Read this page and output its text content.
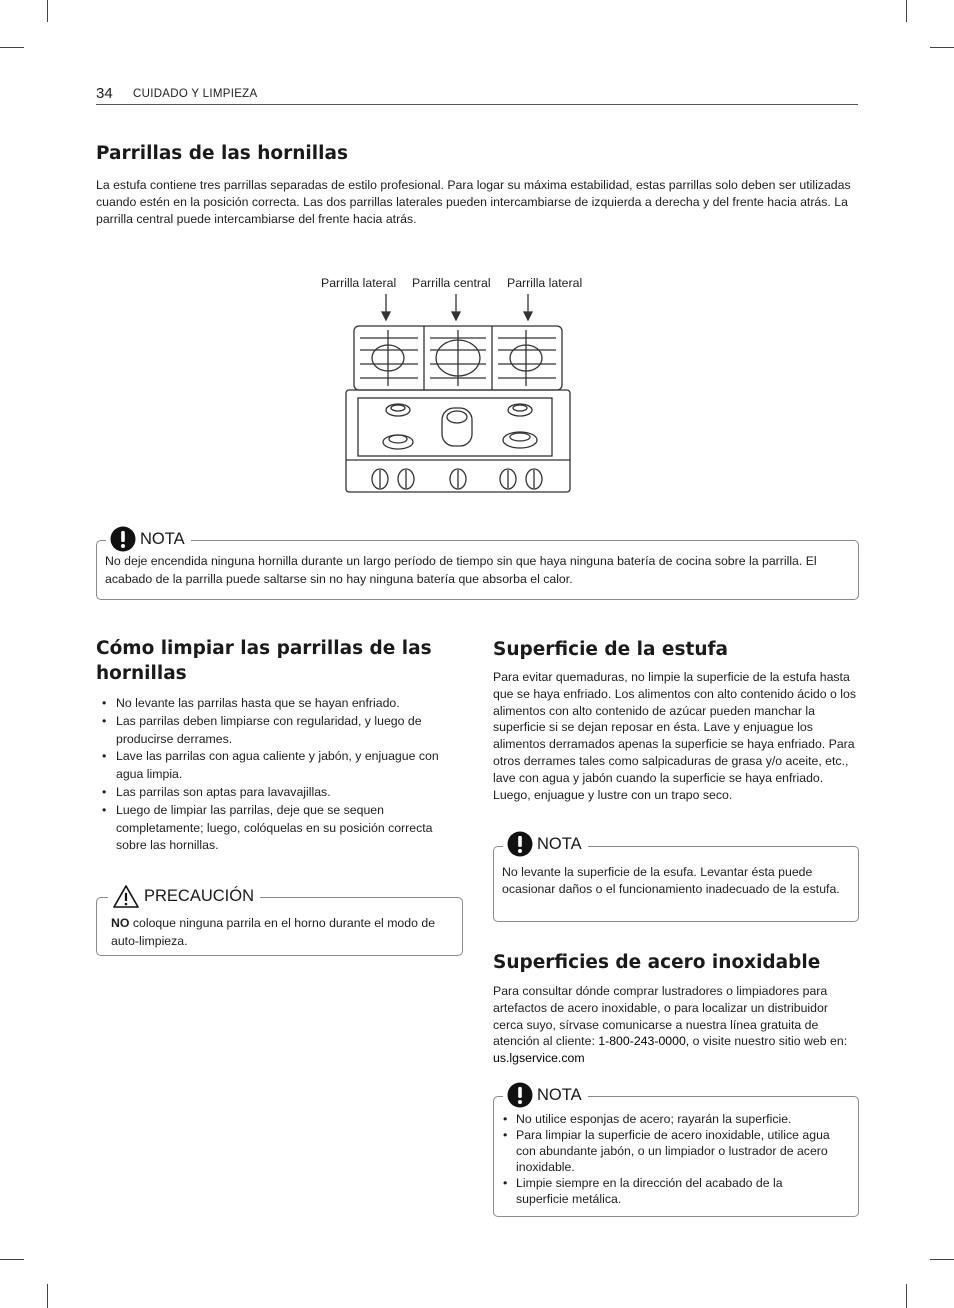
34 CUIDADO Y LIMPIEZA
Parrillas de las hornillas

La estufa contiene tres parrillas separadas de estilo profesional. Para logar su máxima estabilidad, estas parrillas solo deben ser utilizadas cuando estén en la posición correcta. Las dos parrillas laterales pueden intercambiarse de izquierda a derecha y del frente hacia atrás. La parrilla central puede intercambiarse del frente hacia atrás.

Parrilla lateral Parrilla central Parrilla lateral
NOTA

No deje encendida ninguna hornilla durante un largo período de tiempo sin que haya ninguna batería de cocina sobre la parrilla. El acabado de la parrilla puede saltarse sin no hay ninguna batería que absorba el calor.

Cómo limpiar las parrillas de las hornillas
• No levante las parrilas hasta que se hayan enfriado.
• Las parrilas deben limpiarse con regularidad, y luego de producirse derrames.
• Lave las parrilas con agua caliente y jabón, y enjuague con agua limpia.
• Las parrilas son aptas para lavavajillas.
• Luego de limpiar las parrilas, deje que se sequen completamente; luego, colóquelas en su posición correcta sobre las hornillas.
PRECAUCIÓN

NO coloque ninguna parrila en el horno durante el modo de auto-limpieza.

Superficie de la estufa

Para evitar quemaduras, no limpie la superficie de la estufa hasta que se haya enfriado. Los alimentos con alto contenido ácido o los alimentos con alto contenido de azúcar pueden manchar la superficie si se dejan reposar en ésta. Lave y enjuague los alimentos derramados apenas la superficie se haya enfriado. Para otros derrames tales como salpicaduras de grasa y/o aceite, etc., lave con agua y jabón cuando la superficie se haya enfriado. Luego, enjuague y lustre con un trapo seco.

NOTA

No levante la superficie de la esufa. Levantar ésta puede ocasionar daños o el funcionamiento inadecuado de la estufa.

Superficies de acero inoxidable

Para consultar dónde comprar lustradores o limpiadores para artefactos de acero inoxidable, o para localizar un distribuidor cerca suyo, sírvase comunicarse a nuestra línea gratuita de atención al cliente: 1-800-243-0000, o visite nuestro sitio web en: us.lgservice.com

NOTA
• No utilice esponjas de acero; rayarán la superficie.
• Para limpiar la superficie de acero inoxidable, utilice agua con abundante jabón, o un limpiador o lustrador de acero inoxidable.
• Limpie siempre en la dirección del acabado de la superficie metálica.
